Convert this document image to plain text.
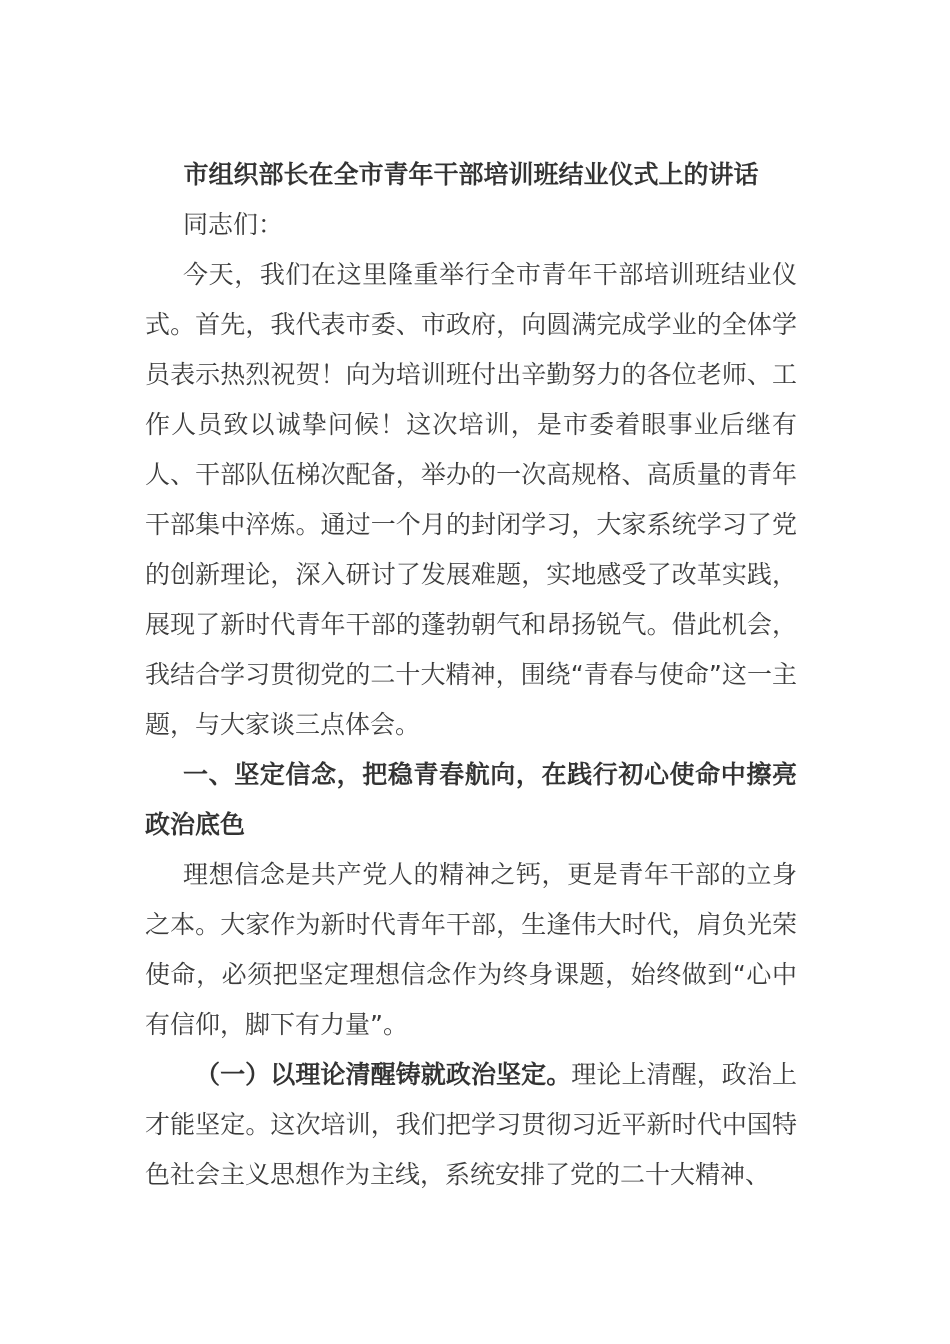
市组织部长在全市青年干部培训班结业仪式上的讲话

同志们：

今天，我们在这里隆重举行全市青年干部培训班结业仪式。首先，我代表市委、市政府，向圆满完成学业的全体学员表示热烈祝贺！向为培训班付出辛勤努力的各位老师、工作人员致以诚挚问候！这次培训，是市委着眼事业后继有人、干部队伍梯次配备，举办的一次高规格、高质量的青年干部集中淬炼。通过一个月的封闭学习，大家系统学习了党的创新理论，深入研讨了发展难题，实地感受了改革实践，展现了新时代青年干部的蓬勃朝气和昂扬锐气。借此机会，我结合学习贯彻党的二十大精神，围绕“青春与使命”这一主题，与大家谈三点体会。

一、坚定信念，把稳青春航向，在践行初心使命中擦亮政治底色

理想信念是共产党人的精神之钙，更是青年干部的立身之本。大家作为新时代青年干部，生逢伟大时代，肩负光荣使命，必须把坚定理想信念作为终身课题，始终做到“心中有信仰，脚下有力量”。

（一）以理论清醒铸就政治坚定。理论上清醒，政治上才能坚定。这次培训，我们把学习贯彻习近平新时代中国特色社会主义思想作为主线，系统安排了党的二十大精神、
